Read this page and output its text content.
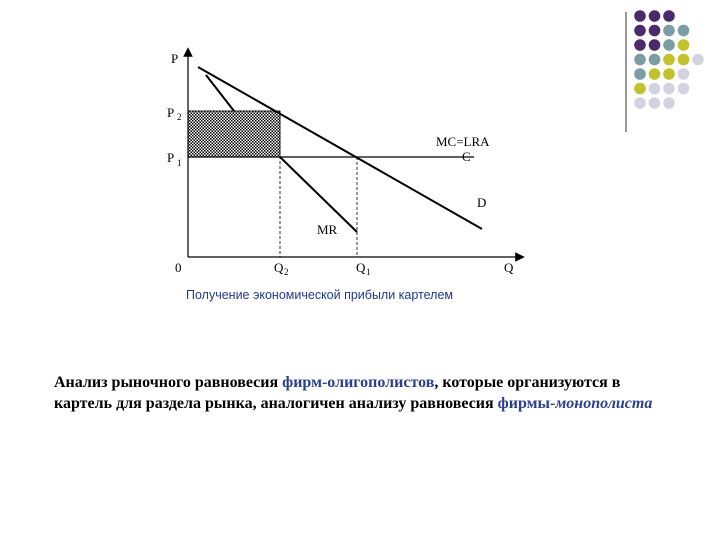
P
P 2
P 1
MC=LRA
C
D
MR
0	Q 2	Q 1	Q
Получение экономической прибыли картелем
Анализ рыночного равновесия фирм-олигополистов, которые организуются в картель для раздела рынка, аналогичен анализу равновесия фирмы-монополиста
